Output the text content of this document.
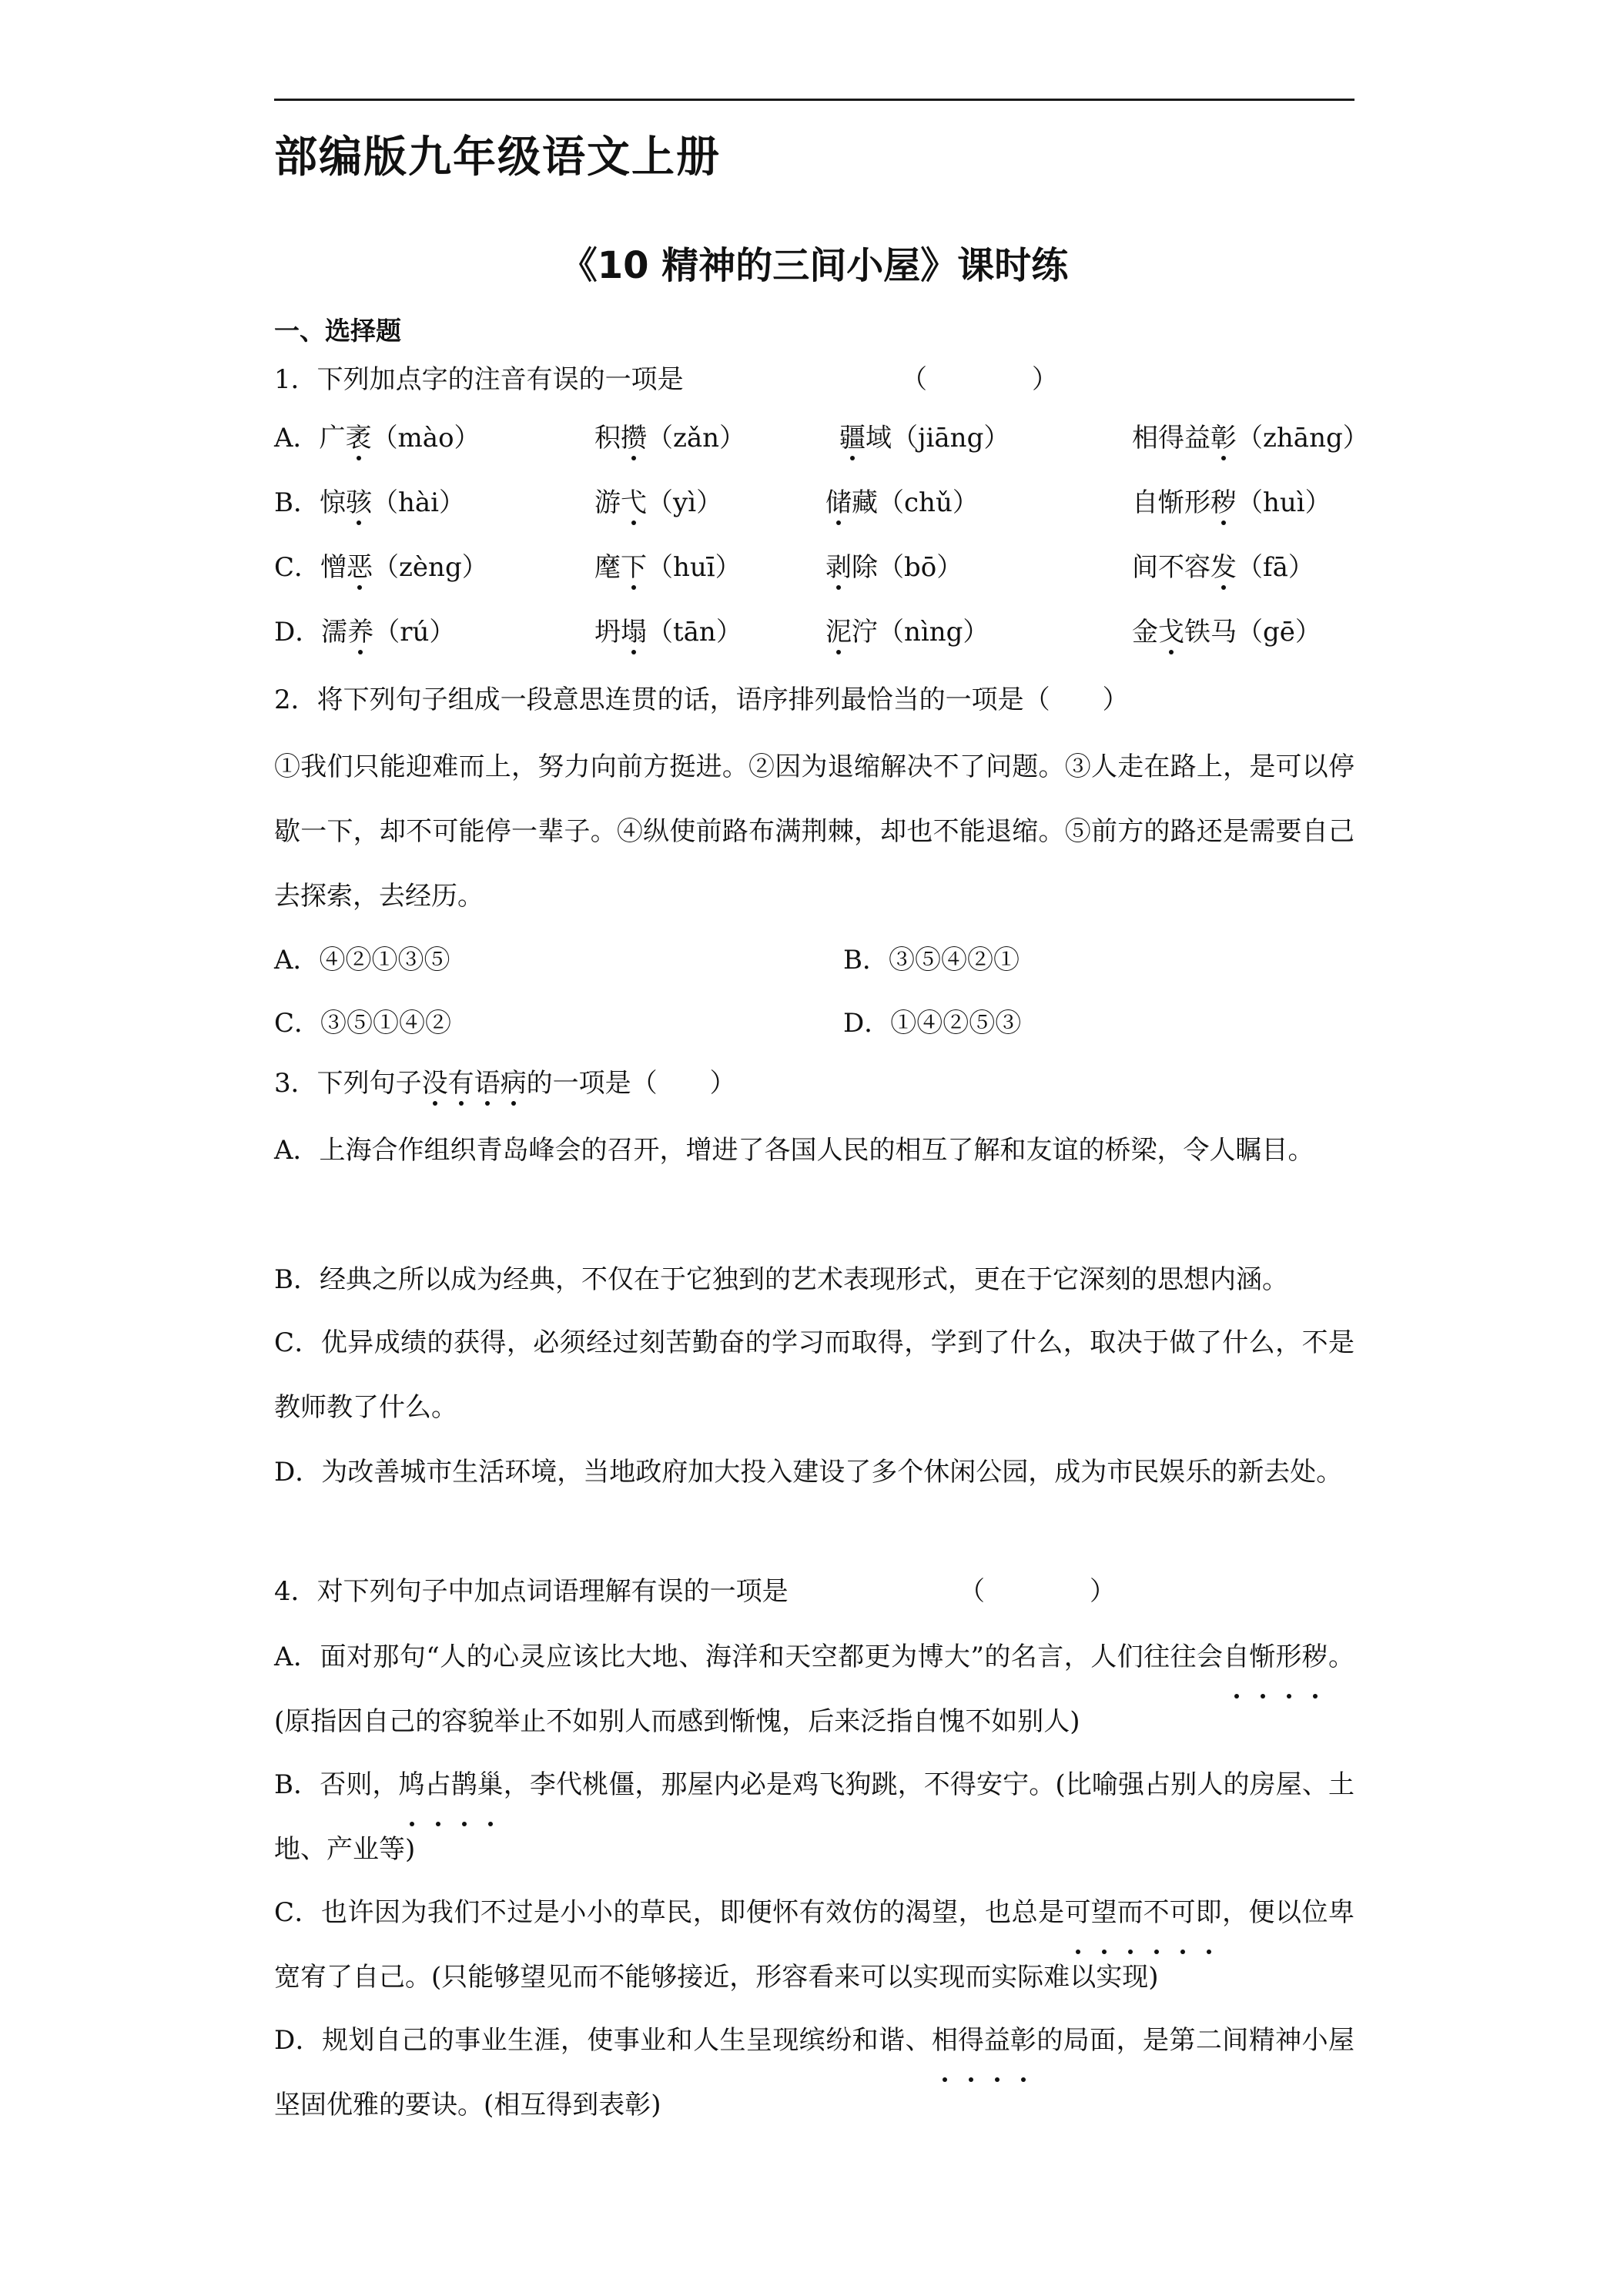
部编版九年级语文上册
《10 精神的三间小屋》课时练
一、选择题
1．下列加点字的注音有误的一项是	（　　　　）
A．广袤（mào）	积攒（zǎn）	疆域（jiāng）	相得益彰（zhāng）
B．惊骇（hài）	游弋（yì）	储藏（chǔ）	自惭形秽（huì）
C．憎恶（zèng）	麾下（huī）	剥除（bō）	间不容发（fā）
D．濡养（rú）	坍塌（tān）	泥泞（nìng）	金戈铁马（gē）
2．将下列句子组成一段意思连贯的话，语序排列最恰当的一项是（　　）
①我们只能迎难而上，努力向前方挺进。②因为退缩解决不了问题。③人走在路上，是可以停歇一下，却不可能停一辈子。④纵使前路布满荆棘，却也不能退缩。⑤前方的路还是需要自己去探索，去经历。
A．④②①③⑤	B．③⑤④②①
C．③⑤①④②	D．①④②⑤③
3．下列句子没有语病的一项是（　　）
A．上海合作组织青岛峰会的召开，增进了各国人民的相互了解和友谊的桥梁，令人瞩目。
B．经典之所以成为经典，不仅在于它独到的艺术表现形式，更在于它深刻的思想内涵。
C．优异成绩的获得，必须经过刻苦勤奋的学习而取得，学到了什么，取决于做了什么，不是教师教了什么。
D．为改善城市生活环境，当地政府加大投入建设了多个休闲公园，成为市民娱乐的新去处。
4．对下列句子中加点词语理解有误的一项是	（　　　　）
A．面对那句“人的心灵应该比大地、海洋和天空都更为博大”的名言，人们往往会自惭形秽。(原指因自己的容貌举止不如别人而感到惭愧，后来泛指自愧不如别人)
B．否则，鸠占鹊巢，李代桃僵，那屋内必是鸡飞狗跳，不得安宁。(比喻强占别人的房屋、土地、产业等)
C．也许因为我们不过是小小的草民，即便怀有效仿的渴望，也总是可望而不可即，便以位卑宽宥了自己。(只能够望见而不能够接近，形容看来可以实现而实际难以实现)
D．规划自己的事业生涯，使事业和人生呈现缤纷和谐、相得益彰的局面，是第二间精神小屋坚固优雅的要诀。(相互得到表彰)
